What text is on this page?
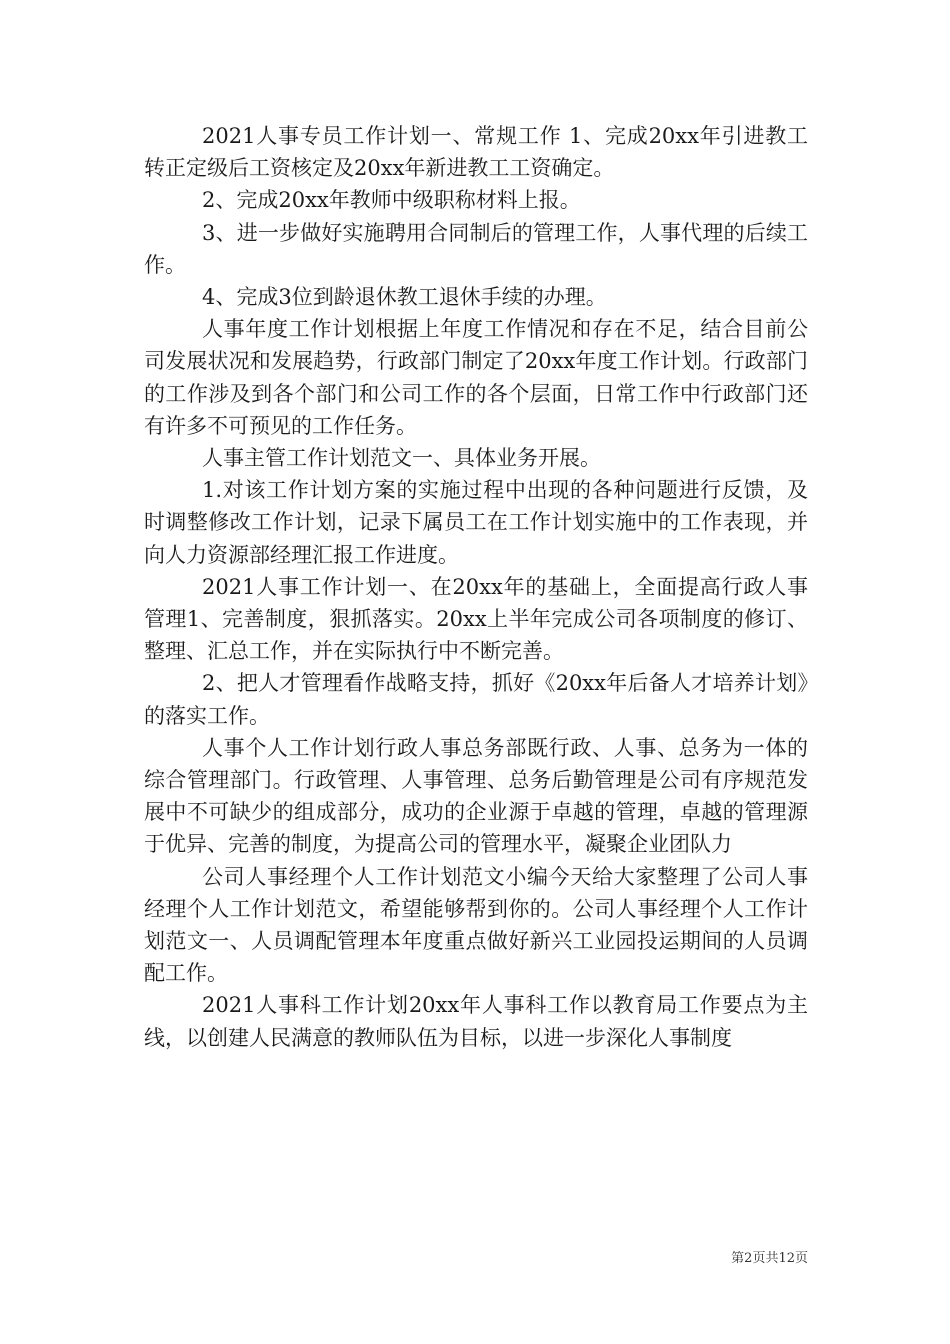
2021人事专员工作计划一、常规工作 1、完成20xx年引进教工转正定级后工资核定及20xx年新进教工工资确定。

2、完成20xx年教师中级职称材料上报。

3、进一步做好实施聘用合同制后的管理工作，人事代理的后续工作。

4、完成3位到龄退休教工退休手续的办理。

人事年度工作计划根据上年度工作情况和存在不足，结合目前公司发展状况和发展趋势，行政部门制定了20xx年度工作计划。行政部门的工作涉及到各个部门和公司工作的各个层面，日常工作中行政部门还有许多不可预见的工作任务。

人事主管工作计划范文一、具体业务开展。

1.对该工作计划方案的实施过程中出现的各种问题进行反馈，及时调整修改工作计划，记录下属员工在工作计划实施中的工作表现，并向人力资源部经理汇报工作进度。

2021人事工作计划一、在20xx年的基础上，全面提高行政人事管理1、完善制度，狠抓落实。20xx上半年完成公司各项制度的修订、整理、汇总工作，并在实际执行中不断完善。

2、把人才管理看作战略支持，抓好《20xx年后备人才培养计划》的落实工作。

人事个人工作计划行政人事总务部既行政、人事、总务为一体的综合管理部门。行政管理、人事管理、总务后勤管理是公司有序规范发展中不可缺少的组成部分，成功的企业源于卓越的管理，卓越的管理源于优异、完善的制度，为提高公司的管理水平，凝聚企业团队力

公司人事经理个人工作计划范文小编今天给大家整理了公司人事经理个人工作计划范文，希望能够帮到你的。公司人事经理个人工作计划范文一、人员调配管理本年度重点做好新兴工业园投运期间的人员调配工作。

2021人事科工作计划20xx年人事科工作以教育局工作要点为主线，以创建人民满意的教师队伍为目标，以进一步深化人事制度

第2页共12页
